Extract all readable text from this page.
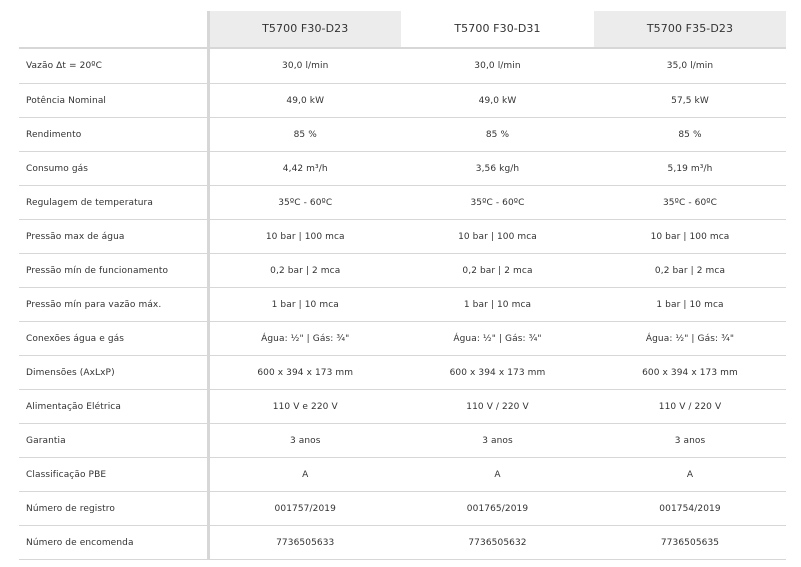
	T5700 F30-D23	T5700 F30-D31	T5700 F35-D23
Vazão Δt = 20ºC	30,0 l/min	30,0 l/min	35,0 l/min
Potência Nominal	49,0 kW	49,0 kW	57,5 kW
Rendimento	85 %	85 %	85 %
Consumo gás	4,42 m³/h	3,56 kg/h	5,19 m³/h
Regulagem de temperatura	35ºC - 60ºC	35ºC - 60ºC	35ºC - 60ºC
Pressão max de água	10 bar | 100 mca	10 bar | 100 mca	10 bar | 100 mca
Pressão mín de funcionamento	0,2 bar | 2 mca	0,2 bar | 2 mca	0,2 bar | 2 mca
Pressão mín para vazão máx.	1 bar | 10 mca	1 bar | 10 mca	1 bar | 10 mca
Conexões água e gás	Água: ½" | Gás: ¾"	Água: ½" | Gás: ¾"	Água: ½" | Gás: ¾"
Dimensões (AxLxP)	600 x 394 x 173 mm	600 x 394 x 173 mm	600 x 394 x 173 mm
Alimentação Elétrica	110 V e 220 V	110 V / 220 V	110 V / 220 V
Garantia	3 anos	3 anos	3 anos
Classificação PBE	A	A	A
Número de registro	001757/2019	001765/2019	001754/2019
Número de encomenda	7736505633	7736505632	7736505635
